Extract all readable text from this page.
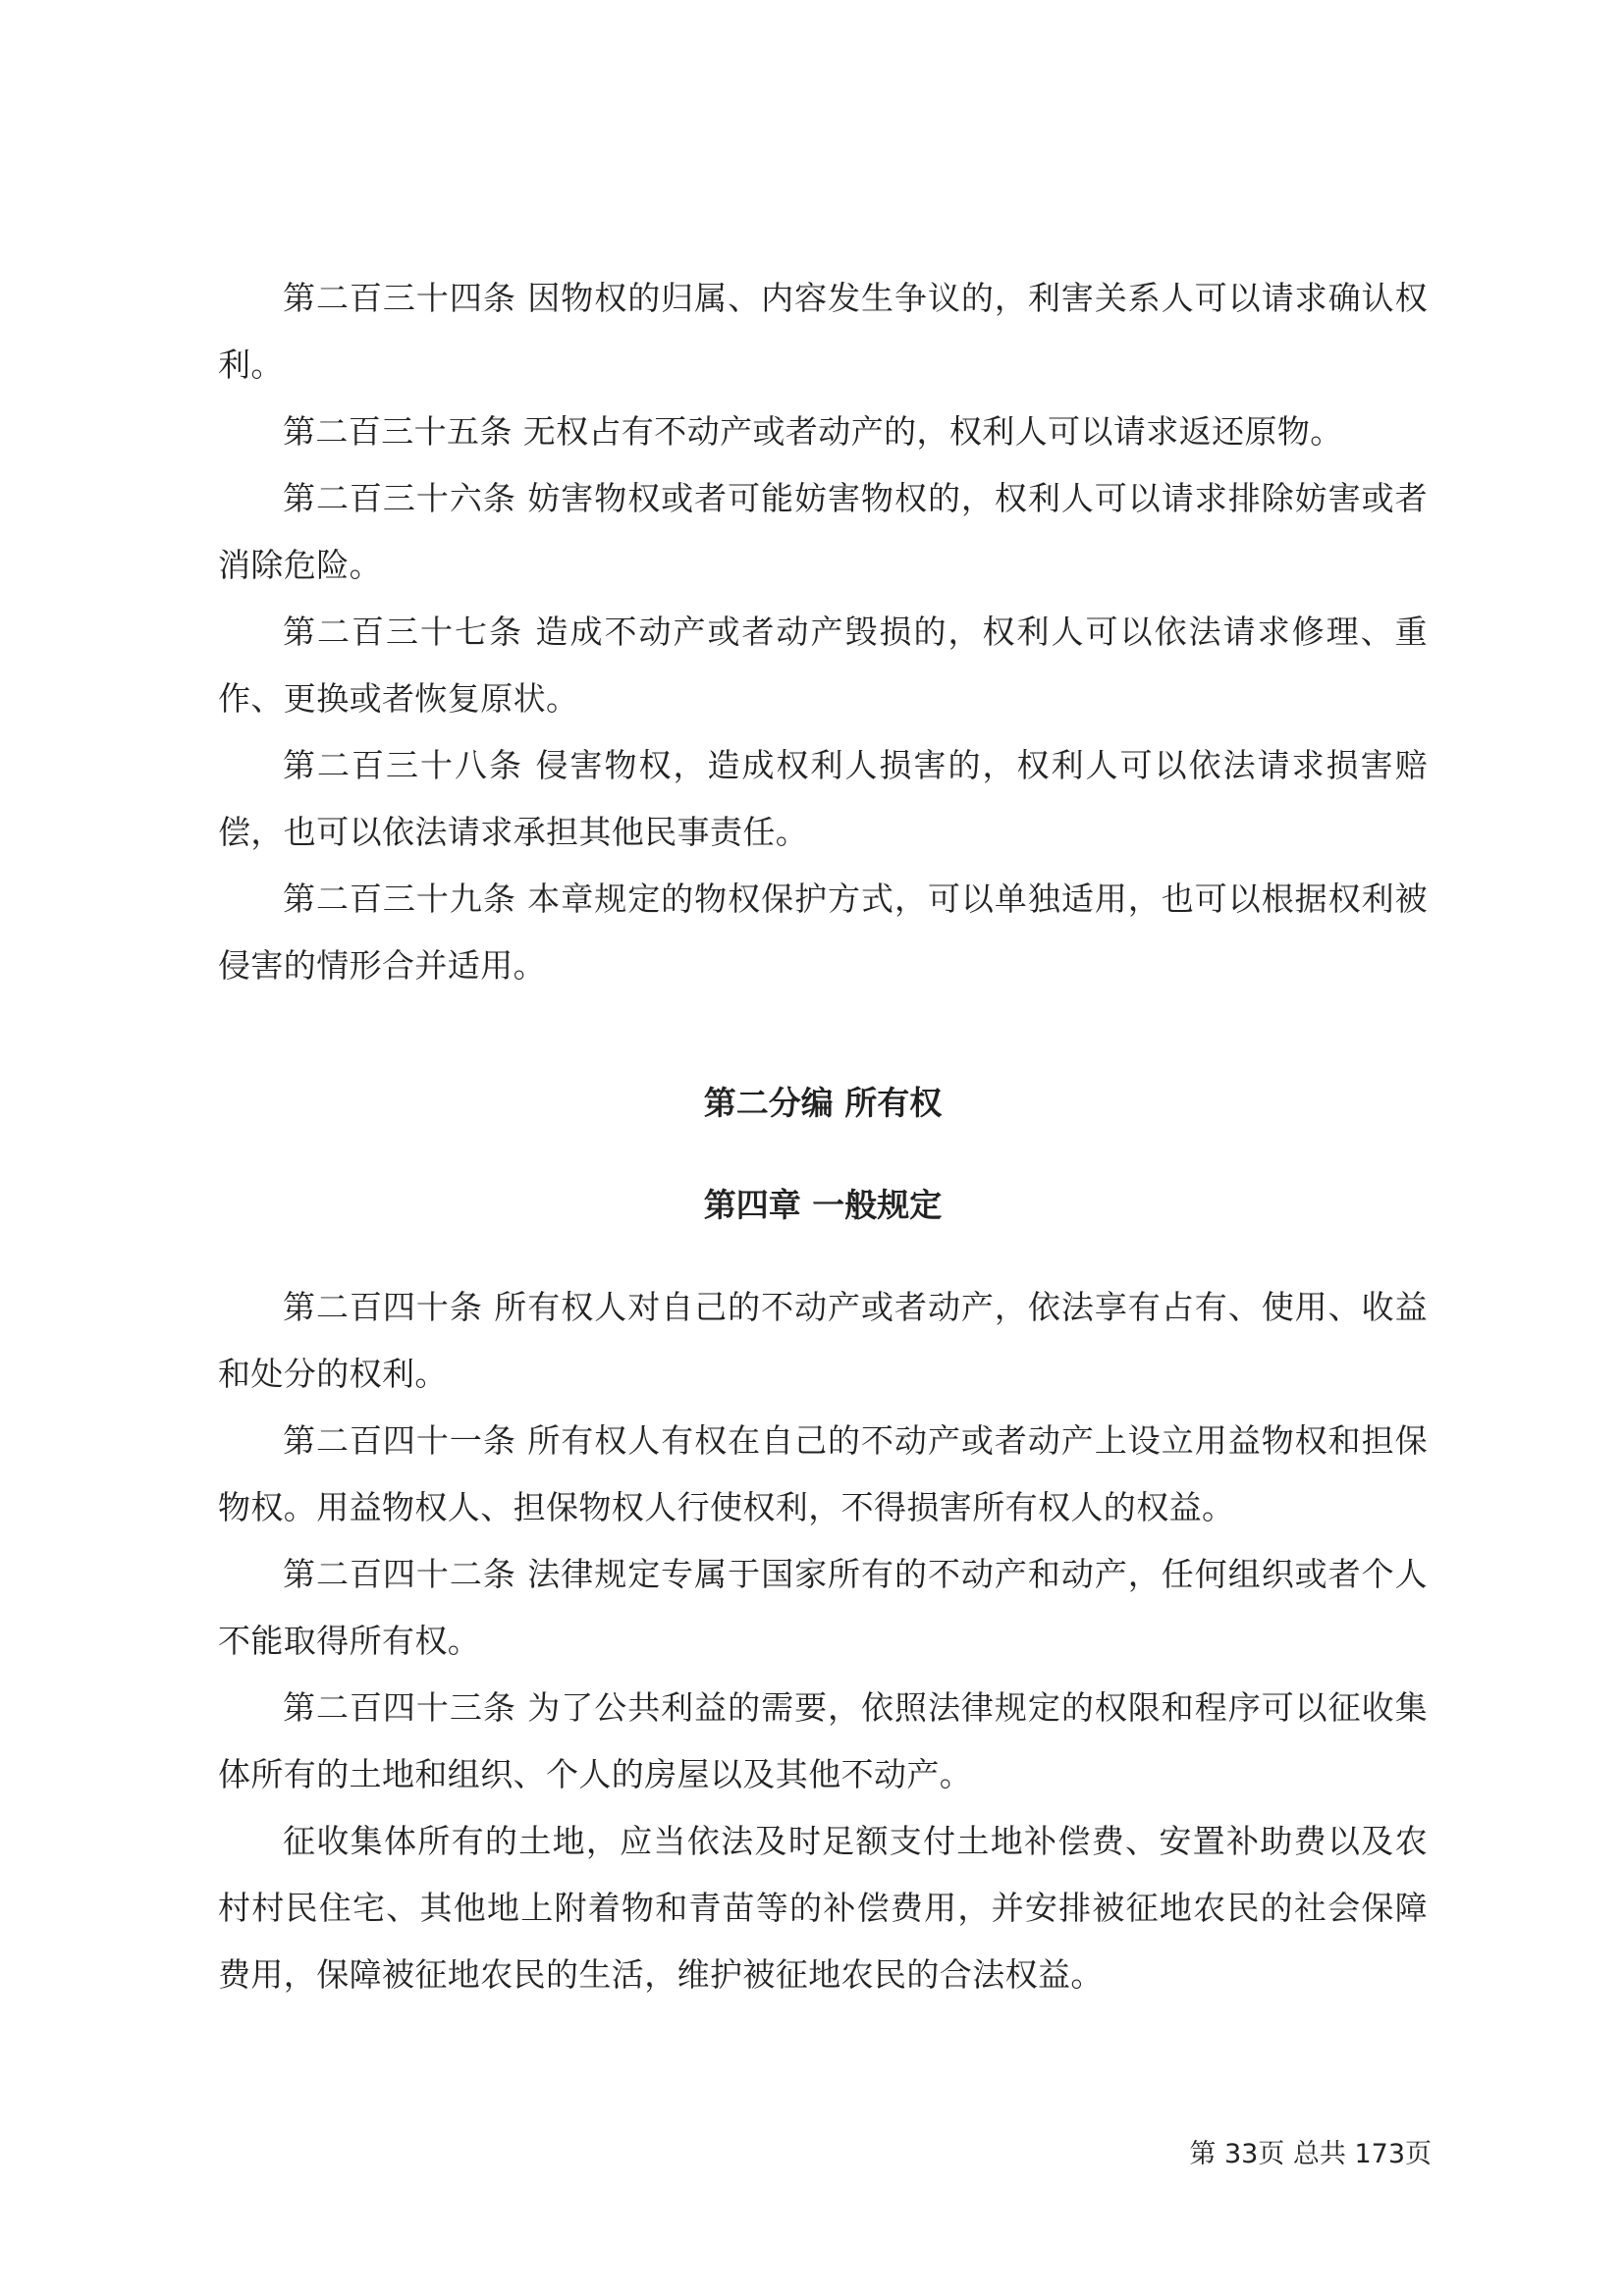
第二百三十四条 因物权的归属、内容发生争议的，利害关系人可以请求确认权利。

第二百三十五条 无权占有不动产或者动产的，权利人可以请求返还原物。

第二百三十六条 妨害物权或者可能妨害物权的，权利人可以请求排除妨害或者消除危险。

第二百三十七条 造成不动产或者动产毁损的，权利人可以依法请求修理、重作、更换或者恢复原状。

第二百三十八条 侵害物权，造成权利人损害的，权利人可以依法请求损害赔偿，也可以依法请求承担其他民事责任。

第二百三十九条 本章规定的物权保护方式，可以单独适用，也可以根据权利被侵害的情形合并适用。

第二分编 所有权
第四章 一般规定

第二百四十条 所有权人对自己的不动产或者动产，依法享有占有、使用、收益和处分的权利。

第二百四十一条 所有权人有权在自己的不动产或者动产上设立用益物权和担保物权。用益物权人、担保物权人行使权利，不得损害所有权人的权益。

第二百四十二条 法律规定专属于国家所有的不动产和动产，任何组织或者个人不能取得所有权。

第二百四十三条 为了公共利益的需要，依照法律规定的权限和程序可以征收集体所有的土地和组织、个人的房屋以及其他不动产。

征收集体所有的土地，应当依法及时足额支付土地补偿费、安置补助费以及农村村民住宅、其他地上附着物和青苗等的补偿费用，并安排被征地农民的社会保障费用，保障被征地农民的生活，维护被征地农民的合法权益。

第 33页 总共 173页
